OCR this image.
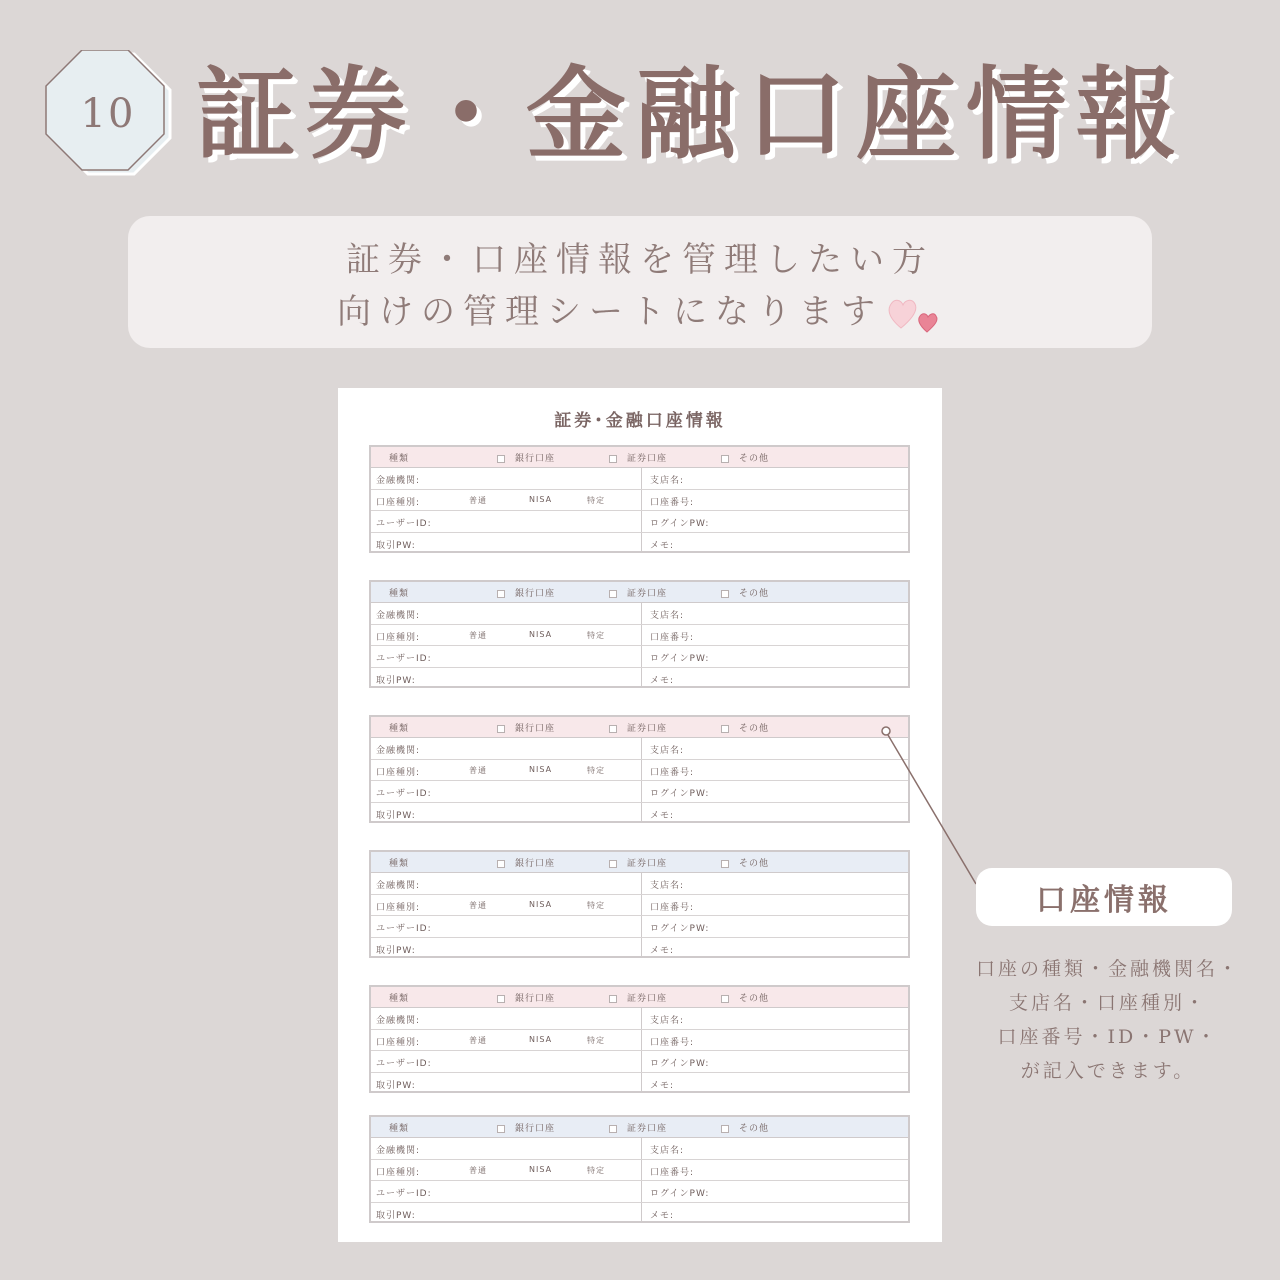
10 証券・金融口座情報
証券・口座情報を管理したい方
向けの管理シートになります
証券･金融口座情報
種類	銀行口座	証券口座	その他
金融機関:	支店名:
口座種別:	普通	NISA	特定	口座番号:
ユーザーID:	ログインPW:
取引PW:	メモ:
種類	銀行口座	証券口座	その他
金融機関:	支店名:
口座種別:	普通	NISA	特定	口座番号:
ユーザーID:	ログインPW:
取引PW:	メモ:
種類	銀行口座	証券口座	その他
金融機関:	支店名:
口座種別:	普通	NISA	特定	口座番号:
ユーザーID:	ログインPW:
取引PW:	メモ:
種類	銀行口座	証券口座	その他
金融機関:	支店名:
口座種別:	普通	NISA	特定	口座番号:
ユーザーID:	ログインPW:
取引PW:	メモ:
種類	銀行口座	証券口座	その他
金融機関:	支店名:
口座種別:	普通	NISA	特定	口座番号:
ユーザーID:	ログインPW:
取引PW:	メモ:
種類	銀行口座	証券口座	その他
金融機関:	支店名:
口座種別:	普通	NISA	特定	口座番号:
ユーザーID:	ログインPW:
取引PW:	メモ:
口座情報
口座の種類・金融機関名・
支店名・口座種別・
口座番号・ID・PW・
が記入できます。
